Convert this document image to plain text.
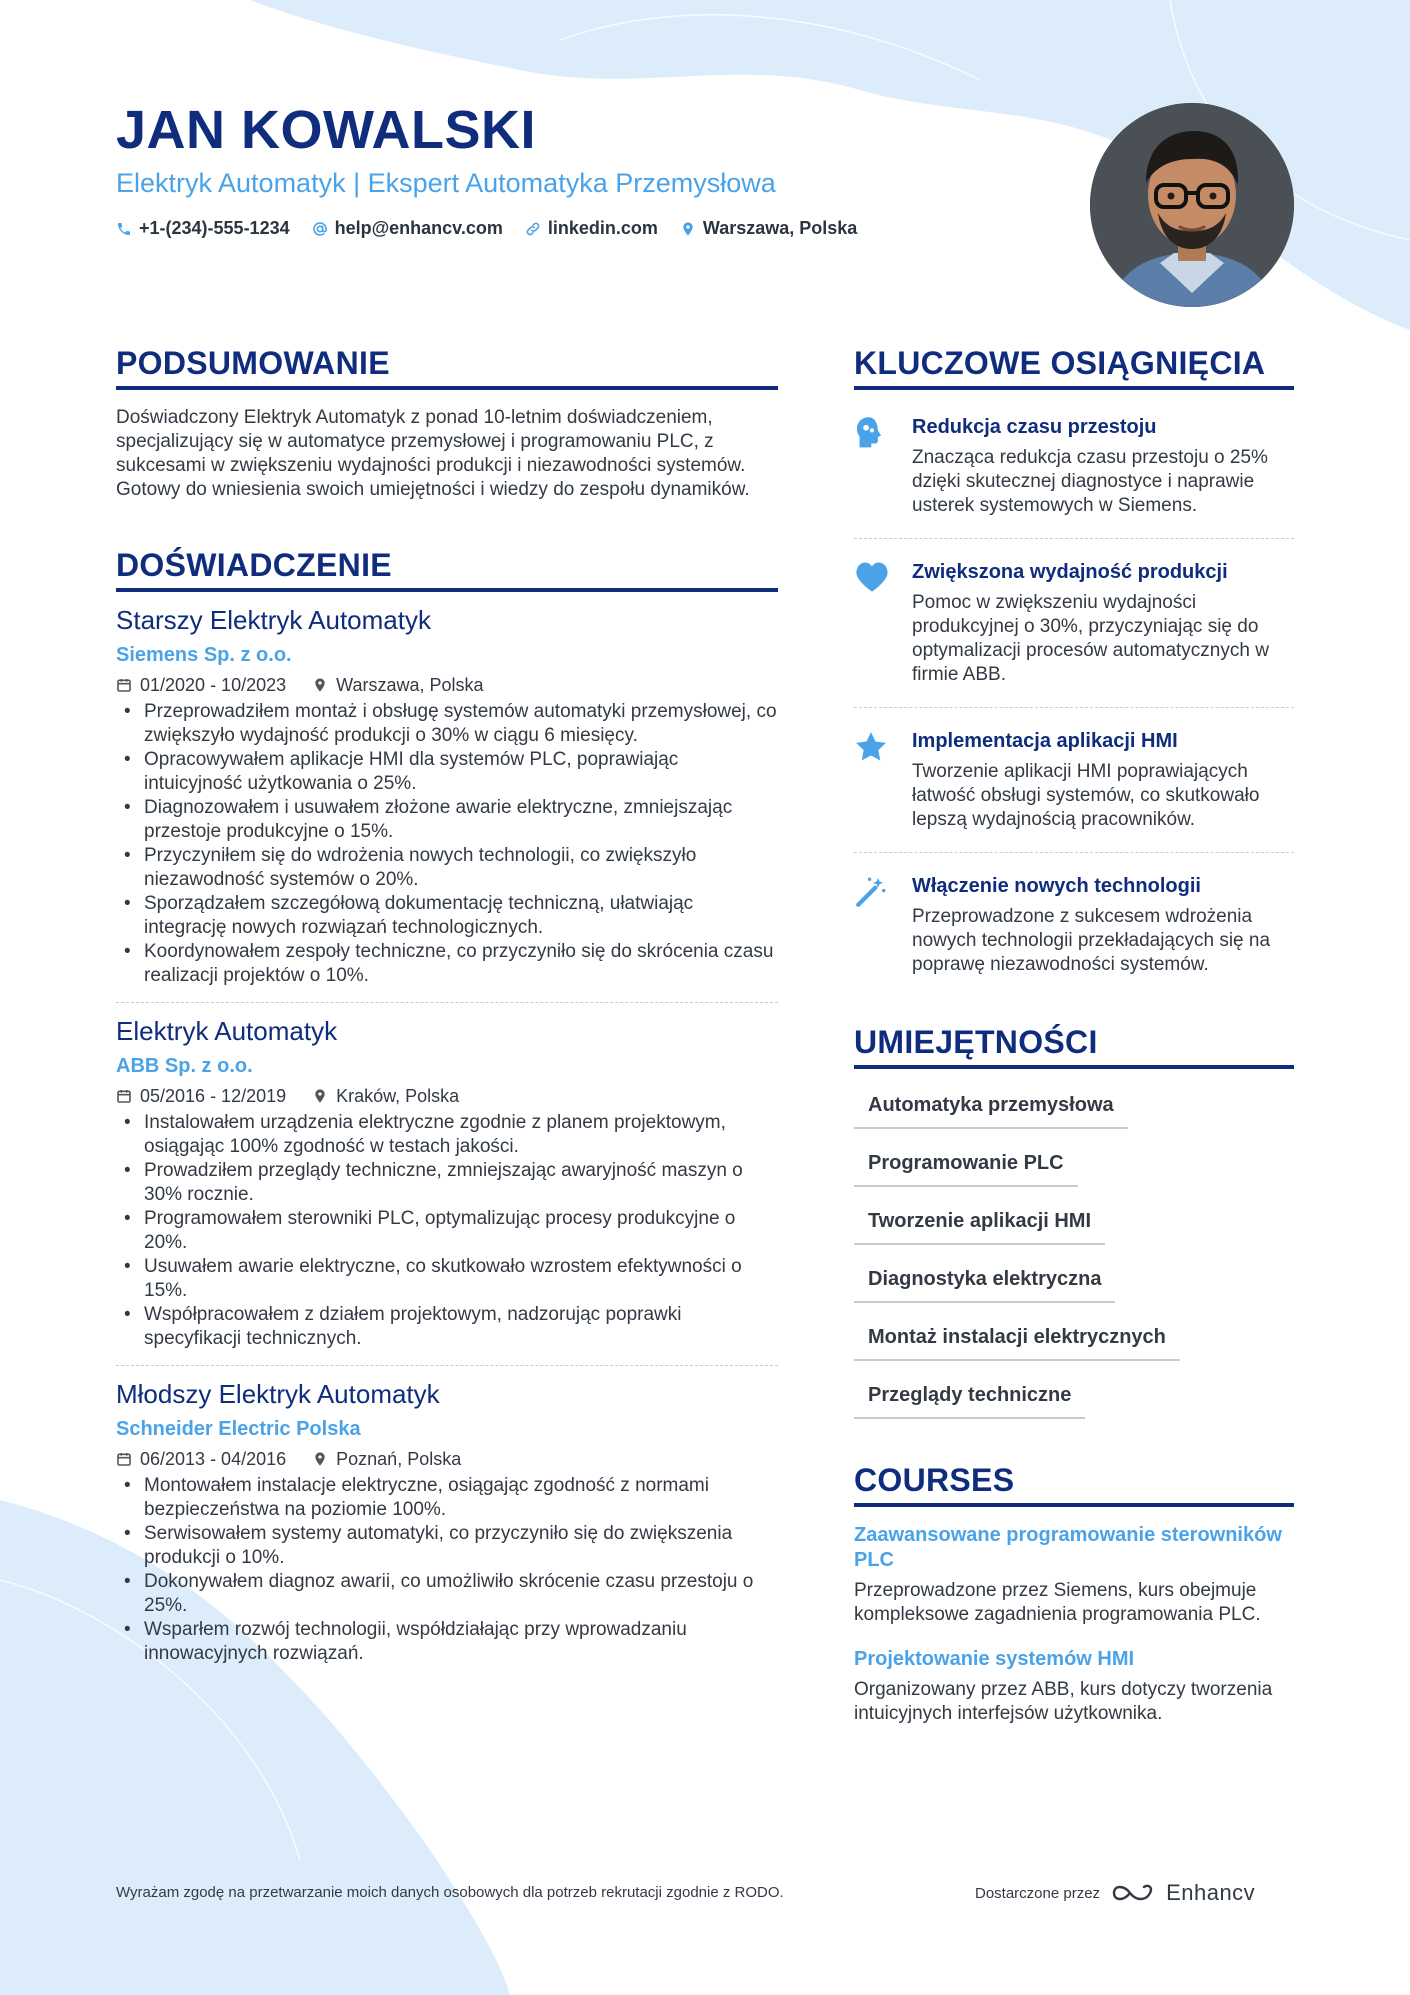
JAN KOWALSKI
Elektryk Automatyk | Ekspert Automatyka Przemysłowa
+1-(234)-555-1234	help@enhancv.com	linkedin.com	Warszawa, Polska
PODSUMOWANIE

Doświadczony Elektryk Automatyk z ponad 10-letnim doświadczeniem, specjalizujący się w automatyce przemysłowej i programowaniu PLC, z sukcesami w zwiększeniu wydajności produkcji i niezawodności systemów. Gotowy do wniesienia swoich umiejętności i wiedzy do zespołu dynamików.

DOŚWIADCZENIE
Starszy Elektryk Automatyk
Siemens Sp. z o.o.
01/2020 - 10/2023	Warszawa, Polska
• Przeprowadziłem montaż i obsługę systemów automatyki przemysłowej, co zwiększyło wydajność produkcji o 30% w ciągu 6 miesięcy.
• Opracowywałem aplikacje HMI dla systemów PLC, poprawiając intuicyjność użytkowania o 25%.
• Diagnozowałem i usuwałem złożone awarie elektryczne, zmniejszając przestoje produkcyjne o 15%.
• Przyczyniłem się do wdrożenia nowych technologii, co zwiększyło niezawodność systemów o 20%.
• Sporządzałem szczegółową dokumentację techniczną, ułatwiając integrację nowych rozwiązań technologicznych.
• Koordynowałem zespoły techniczne, co przyczyniło się do skrócenia czasu realizacji projektów o 10%.
Elektryk Automatyk
ABB Sp. z o.o.
05/2016 - 12/2019	Kraków, Polska
• Instalowałem urządzenia elektryczne zgodnie z planem projektowym, osiągając 100% zgodność w testach jakości.
• Prowadziłem przeglądy techniczne, zmniejszając awaryjność maszyn o 30% rocznie.
• Programowałem sterowniki PLC, optymalizując procesy produkcyjne o 20%.
• Usuwałem awarie elektryczne, co skutkowało wzrostem efektywności o 15%.
• Współpracowałem z działem projektowym, nadzorując poprawki specyfikacji technicznych.
Młodszy Elektryk Automatyk
Schneider Electric Polska
06/2013 - 04/2016	Poznań, Polska
• Montowałem instalacje elektryczne, osiągając zgodność z normami bezpieczeństwa na poziomie 100%.
• Serwisowałem systemy automatyki, co przyczyniło się do zwiększenia produkcji o 10%.
• Dokonywałem diagnoz awarii, co umożliwiło skrócenie czasu przestoju o 25%.
• Wsparłem rozwój technologii, współdziałając przy wprowadzaniu innowacyjnych rozwiązań.
KLUCZOWE OSIĄGNIĘCIA
Redukcja czasu przestoju
Znacząca redukcja czasu przestoju o 25% dzięki skutecznej diagnostyce i naprawie usterek systemowych w Siemens.
Zwiększona wydajność produkcji
Pomoc w zwiększeniu wydajności produkcyjnej o 30%, przyczyniając się do optymalizacji procesów automatycznych w firmie ABB.
Implementacja aplikacji HMI
Tworzenie aplikacji HMI poprawiających łatwość obsługi systemów, co skutkowało lepszą wydajnością pracowników.
Włączenie nowych technologii
Przeprowadzone z sukcesem wdrożenia nowych technologii przekładających się na poprawę niezawodności systemów.
UMIEJĘTNOŚCI
Automatyka przemysłowa
Programowanie PLC
Tworzenie aplikacji HMI
Diagnostyka elektryczna
Montaż instalacji elektrycznych
Przeglądy techniczne
COURSES
Zaawansowane programowanie sterowników PLC
Przeprowadzone przez Siemens, kurs obejmuje kompleksowe zagadnienia programowania PLC.
Projektowanie systemów HMI
Organizowany przez ABB, kurs dotyczy tworzenia intuicyjnych interfejsów użytkownika.
Wyrażam zgodę na przetwarzanie moich danych osobowych dla potrzeb rekrutacji zgodnie z RODO.	Dostarczone przez	Enhancv
